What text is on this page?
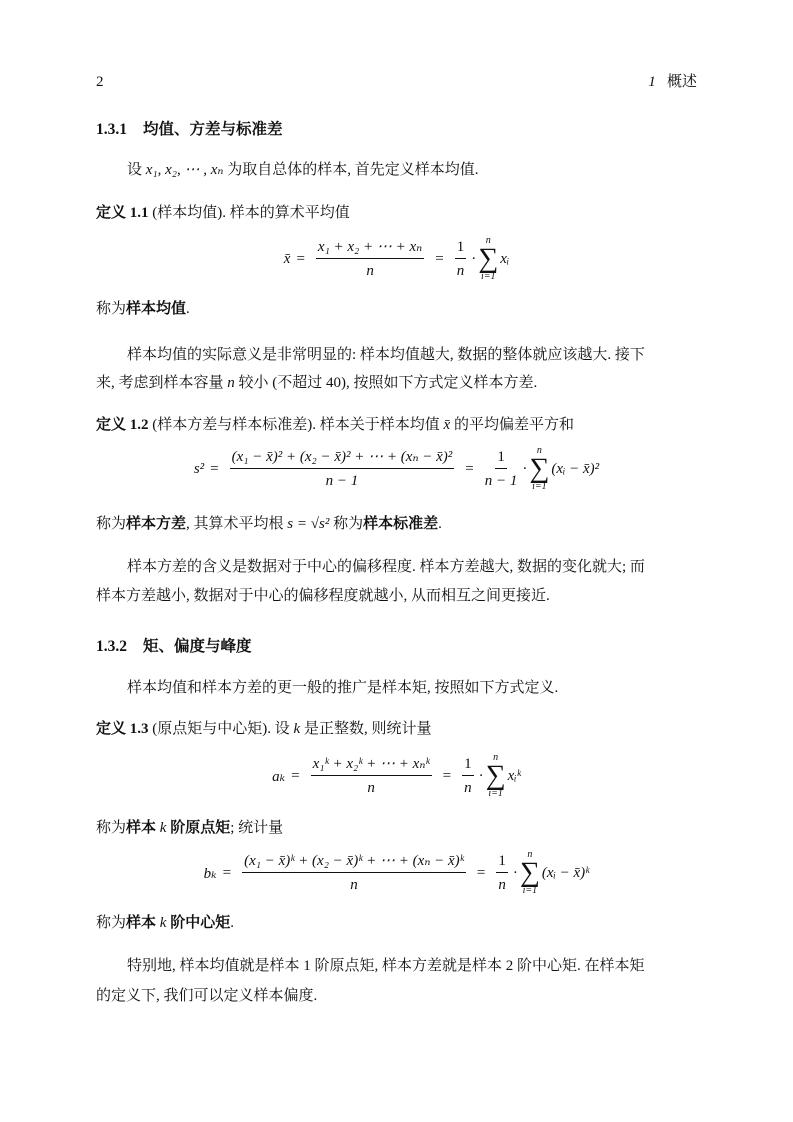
2	1 概述
1.3.1 均值、方差与标准差
设 x₁, x₂, ⋯ , xₙ 为取自总体的样本, 首先定义样本均值.
定义 1.1 (样本均值). 样本的算术平均值
x̄ = $\frac{\text{x₁ + x₂ + ⋯ + xₙ}}{n} = \frac{1}{n}$ ·
n
∑
i=1
xᵢ
称为样本均值.
样本均值的实际意义是非常明显的: 样本均值越大, 数据的整体就应该越大. 接下
来, 考虑到样本容量 n 较小 (不超过 40), 按照如下方式定义样本方差.
定义 1.2 (样本方差与样本标准差). 样本关于样本均值 x̄ 的平均偏差平方和
$s^2 = \frac{\text{(x₁ − x̄)² + (x₂ − x̄)² + ⋯ + (xₙ − x̄)²}}{n - 1} = \frac{1}{n - 1}$ ·
n
∑
i=1
(xᵢ − x̄)²
称为样本方差, 其算术平均根 s = √s² 称为样本标准差.
样本方差的含义是数据对于中心的偏移程度. 样本方差越大, 数据的变化就大; 而
样本方差越小, 数据对于中心的偏移程度就越小, 从而相互之间更接近.
1.3.2 矩、偏度与峰度
样本均值和样本方差的更一般的推广是样本矩, 按照如下方式定义.
定义 1.3 (原点矩与中心矩). 设 k 是正整数, 则统计量
aₖ =
x₁ᵏ + x₂ᵏ + ⋯ + xₙᵏ
n
= $\frac{1}{n}$ ·
n
∑
i=1
xᵢᵏ
称为样本 k 阶原点矩; 统计量
$b_k = \frac{\text{(x₁ − x̄)ᵏ + (x₂ − x̄)ᵏ + ⋯ + (xₙ − x̄)ᵏ}}{n} = \frac{1}{n}$ ·
n
∑
i=1
(xᵢ − x̄)ᵏ
称为样本 k 阶中心矩.
特别地, 样本均值就是样本 1 阶原点矩, 样本方差就是样本 2 阶中心矩. 在样本矩
的定义下, 我们可以定义样本偏度.
